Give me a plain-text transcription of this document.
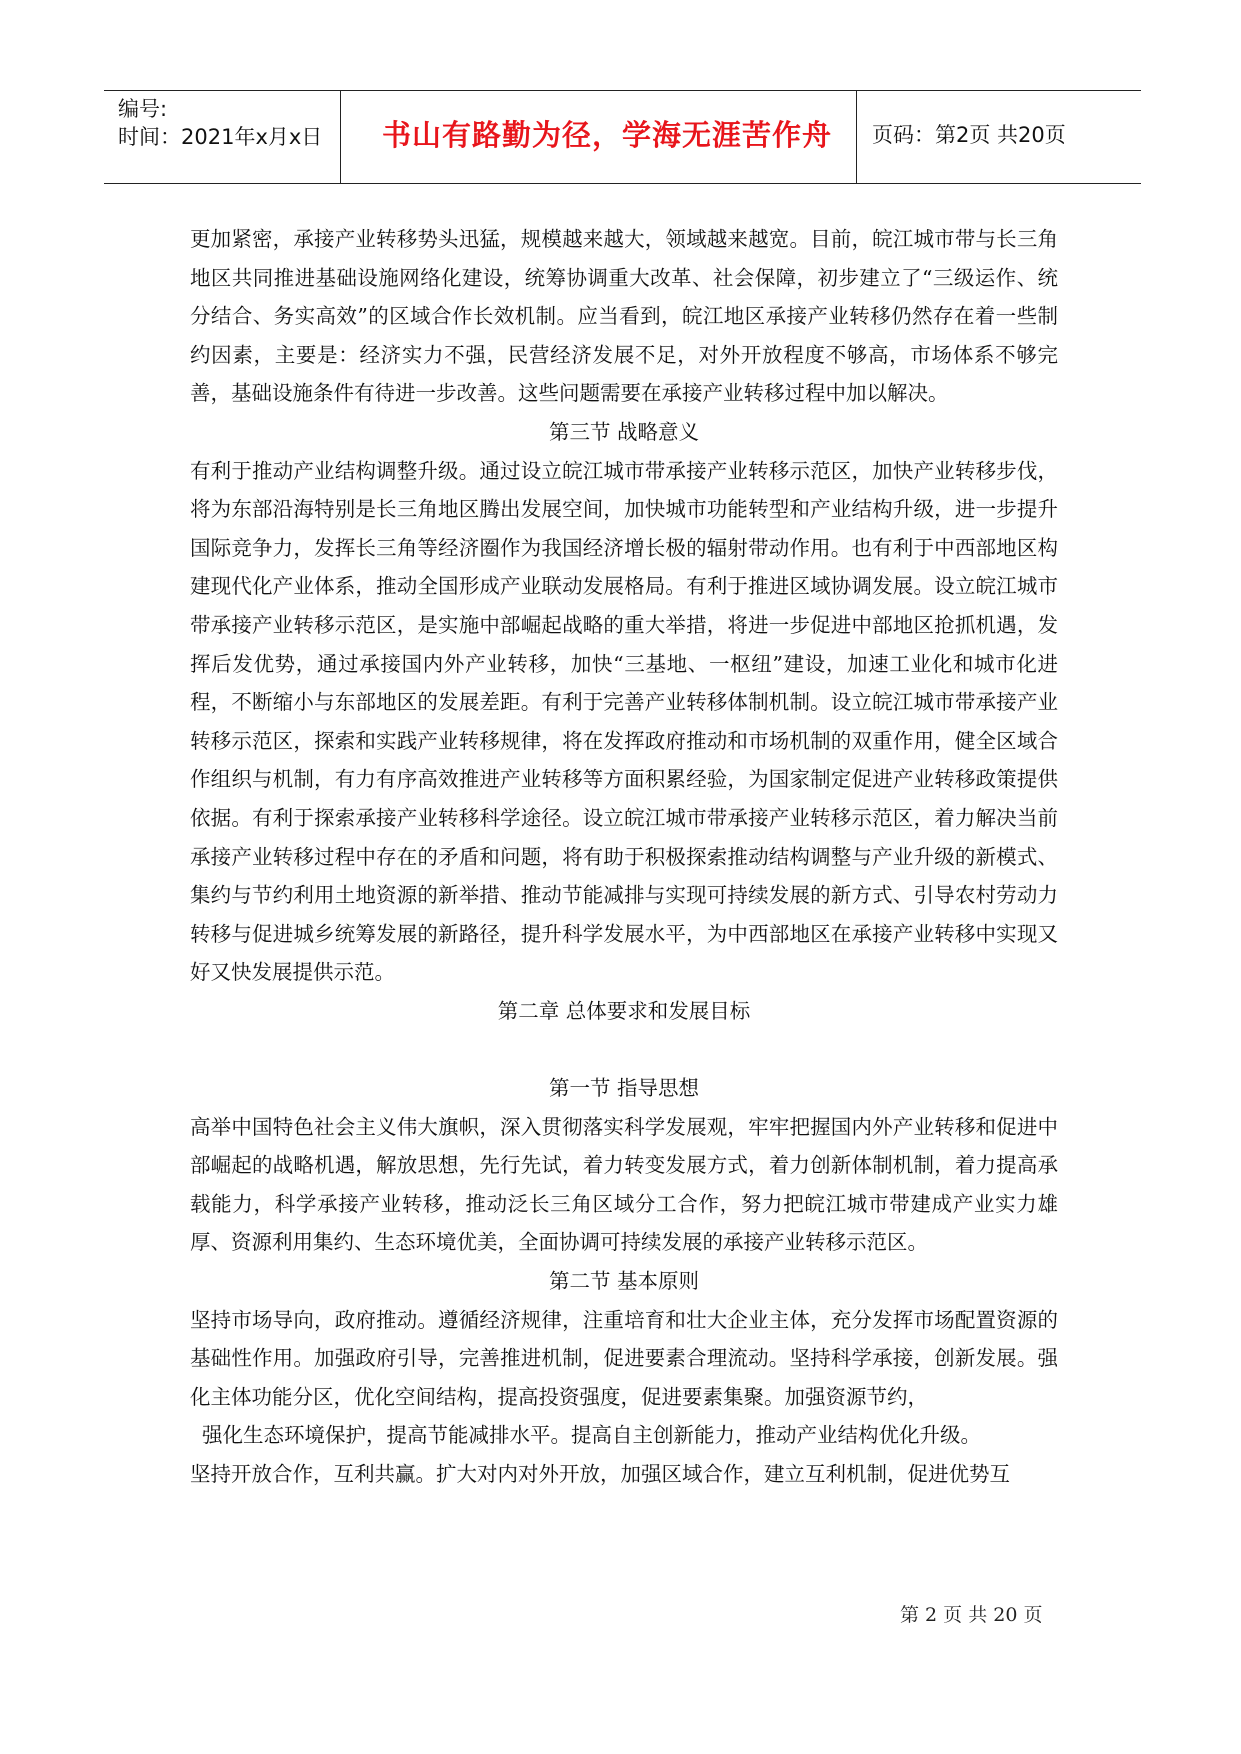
编号:
时间：2021年x月x日	书山有路勤为径，学海无涯苦作舟	页码：第2页 共20页

更加紧密，承接产业转移势头迅猛，规模越来越大，领域越来越宽。目前，皖江城市带与长三角地区共同推进基础设施网络化建设，统筹协调重大改革、社会保障，初步建立了“三级运作、统分结合、务实高效”的区域合作长效机制。应当看到，皖江地区承接产业转移仍然存在着一些制约因素，主要是：经济实力不强，民营经济发展不足，对外开放程度不够高，市场体系不够完善，基础设施条件有待进一步改善。这些问题需要在承接产业转移过程中加以解决。

第三节 战略意义

有利于推动产业结构调整升级。通过设立皖江城市带承接产业转移示范区，加快产业转移步伐，将为东部沿海特别是长三角地区腾出发展空间，加快城市功能转型和产业结构升级，进一步提升国际竞争力，发挥长三角等经济圈作为我国经济增长极的辐射带动作用。也有利于中西部地区构建现代化产业体系，推动全国形成产业联动发展格局。有利于推进区域协调发展。设立皖江城市带承接产业转移示范区，是实施中部崛起战略的重大举措，将进一步促进中部地区抢抓机遇，发挥后发优势，通过承接国内外产业转移，加快“三基地、一枢纽”建设，加速工业化和城市化进程，不断缩小与东部地区的发展差距。有利于完善产业转移体制机制。设立皖江城市带承接产业转移示范区，探索和实践产业转移规律，将在发挥政府推动和市场机制的双重作用，健全区域合作组织与机制，有力有序高效推进产业转移等方面积累经验，为国家制定促进产业转移政策提供依据。有利于探索承接产业转移科学途径。设立皖江城市带承接产业转移示范区，着力解决当前承接产业转移过程中存在的矛盾和问题，将有助于积极探索推动结构调整与产业升级的新模式、集约与节约利用土地资源的新举措、推动节能减排与实现可持续发展的新方式、引导农村劳动力转移与促进城乡统筹发展的新路径，提升科学发展水平，为中西部地区在承接产业转移中实现又好又快发展提供示范。

第二章 总体要求和发展目标

第一节 指导思想

高举中国特色社会主义伟大旗帜，深入贯彻落实科学发展观，牢牢把握国内外产业转移和促进中部崛起的战略机遇，解放思想，先行先试，着力转变发展方式，着力创新体制机制，着力提高承载能力，科学承接产业转移，推动泛长三角区域分工合作，努力把皖江城市带建成产业实力雄厚、资源利用集约、生态环境优美，全面协调可持续发展的承接产业转移示范区。

第二节 基本原则

坚持市场导向，政府推动。遵循经济规律，注重培育和壮大企业主体，充分发挥市场配置资源的基础性作用。加强政府引导，完善推进机制，促进要素合理流动。坚持科学承接，创新发展。强化主体功能分区，优化空间结构，提高投资强度，促进要素集聚。加强资源节约，

强化生态环境保护，提高节能减排水平。提高自主创新能力，推动产业结构优化升级。

坚持开放合作，互利共赢。扩大对内对外开放，加强区域合作，建立互利机制，促进优势互

第 2 页 共 20 页
